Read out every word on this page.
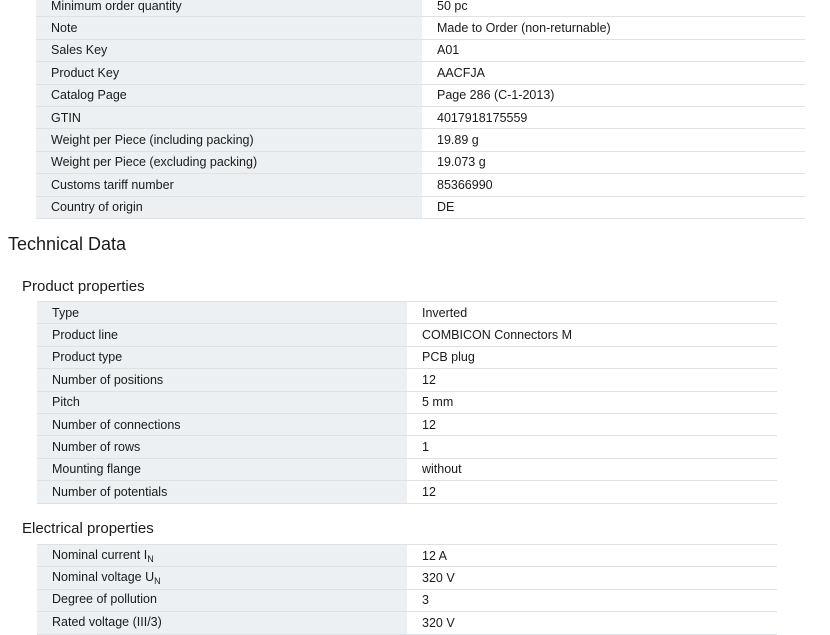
Minimum order quantity	50 pc
Note	Made to Order (non-returnable)
Sales Key	A01
Product Key	AACFJA
Catalog Page	Page 286 (C-1-2013)
GTIN	4017918175559
Weight per Piece (including packing)	19.89 g
Weight per Piece (excluding packing)	19.073 g
Customs tariff number	85366990
Country of origin	DE
Technical Data
Product properties
Type	Inverted
Product line	COMBICON Connectors M
Product type	PCB plug
Number of positions	12
Pitch	5 mm
Number of connections	12
Number of rows	1
Mounting flange	without
Number of potentials	12
Electrical properties
Nominal current $I_N$	12 A
Nominal voltage $U_N$	320 V
Degree of pollution	3
Rated voltage (III/3)	320 V
